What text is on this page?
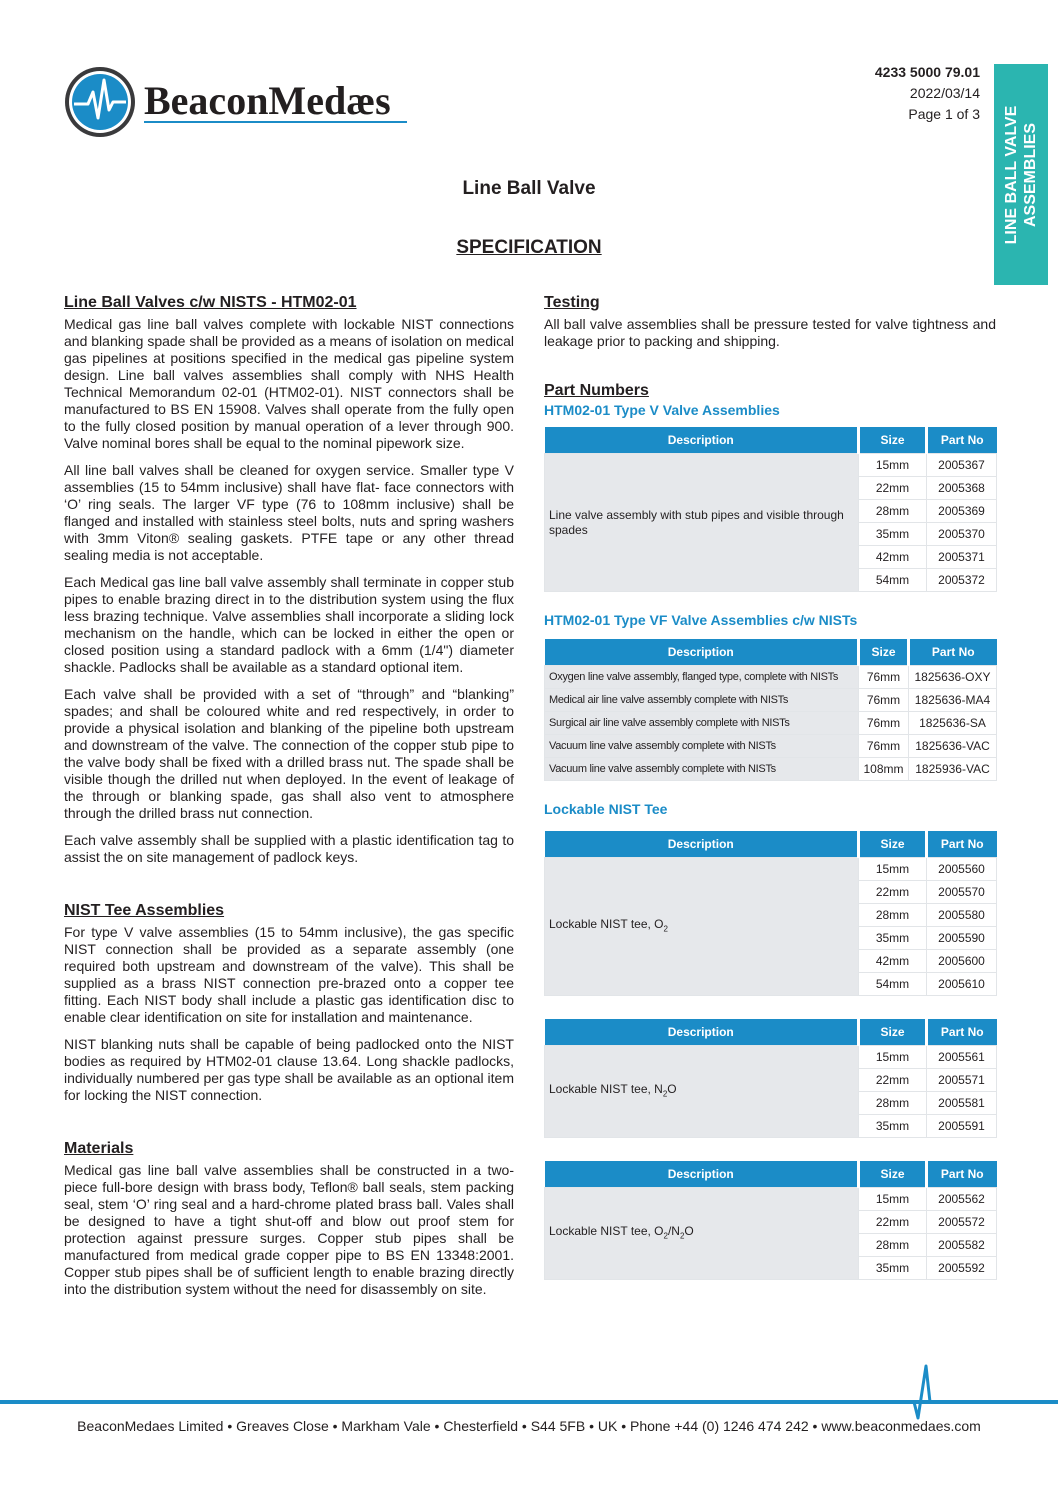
BeaconMedæs
4233 5000 79.01
2022/03/14
Page 1 of 3 LINE BALL VALVE ASSEMBLIES
Line Ball Valve
SPECIFICATION
Line Ball Valves c/w NISTS - HTM02-01

Medical gas line ball valves complete with lockable NIST connections and blanking spade shall be provided as a means of isolation on medical gas pipelines at positions specified in the medical gas pipeline system design. Line ball valves assemblies shall comply with NHS Health Technical Memorandum 02-01 (HTM02-01). NIST connectors shall be manufactured to BS EN 15908. Valves shall operate from the fully open to the fully closed position by manual operation of a lever through 900. Valve nominal bores shall be equal to the nominal pipework size.

All line ball valves shall be cleaned for oxygen service. Smaller type V assemblies (15 to 54mm inclusive) shall have flat- face connectors with ‘O’ ring seals. The larger VF type (76 to 108mm inclusive) shall be flanged and installed with stainless steel bolts, nuts and spring washers with 3mm Viton® sealing gaskets. PTFE tape or any other thread sealing media is not acceptable.

Each Medical gas line ball valve assembly shall terminate in copper stub pipes to enable brazing direct in to the distribution system using the flux less brazing technique. Valve assemblies shall incorporate a sliding lock mechanism on the handle, which can be locked in either the open or closed position using a standard padlock with a 6mm (1/4") diameter shackle. Padlocks shall be available as a standard optional item.

Each valve shall be provided with a set of “through” and “blanking” spades; and shall be coloured white and red respectively, in order to provide a physical isolation and blanking of the pipeline both upstream and downstream of the valve. The connection of the copper stub pipe to the valve body shall be fixed with a drilled brass nut. The spade shall be visible though the drilled nut when deployed. In the event of leakage of the through or blanking spade, gas shall also vent to atmosphere through the drilled brass nut connection.

Each valve assembly shall be supplied with a plastic identification tag to assist the on site management of padlock keys.

NIST Tee Assemblies

For type V valve assemblies (15 to 54mm inclusive), the gas specific NIST connection shall be provided as a separate assembly (one required both upstream and downstream of the valve). This shall be supplied as a brass NIST connection pre-brazed onto a copper tee fitting. Each NIST body shall include a plastic gas identification disc to enable clear identification on site for installation and maintenance.

NIST blanking nuts shall be capable of being padlocked onto the NIST bodies as required by HTM02-01 clause 13.64. Long shackle padlocks, individually numbered per gas type shall be available as an optional item for locking the NIST connection.

Materials

Medical gas line ball valve assemblies shall be constructed in a two-piece full-bore design with brass body, Teflon® ball seals, stem packing seal, stem ‘O’ ring seal and a hard-chrome plated brass ball. Vales shall be designed to have a tight shut-off and blow out proof stem for protection against pressure surges. Copper stub pipes shall be manufactured from medical grade copper pipe to BS EN 13348:2001. Copper stub pipes shall be of sufficient length to enable brazing directly into the distribution system without the need for disassembly on site.

Testing

All ball valve assemblies shall be pressure tested for valve tightness and leakage prior to packing and shipping.

Part Numbers
HTM02-01 Type V Valve Assemblies
Description	Size	Part No
Line valve assembly with stub pipes and visible through spades	15mm	2005367
	22mm	2005368
	28mm	2005369
	35mm	2005370
	42mm	2005371
	54mm	2005372
HTM02-01 Type VF Valve Assemblies c/w NISTs
Description	Size	Part No
Oxygen line valve assembly, flanged type, complete with NISTs	76mm	1825636-OXY
Medical air line valve assembly complete with NISTs	76mm	1825636-MA4
Surgical air line valve assembly complete with NISTs	76mm	1825636-SA
Vacuum line valve assembly complete with NISTs	76mm	1825636-VAC
Vacuum line valve assembly complete with NISTs	108mm	1825936-VAC
Lockable NIST Tee
Description	Size	Part No
Lockable NIST tee, $O_2$	15mm	2005560
	22mm	2005570
	28mm	2005580
	35mm	2005590
	42mm	2005600
	54mm	2005610
Description	Size	Part No
Lockable NIST tee, $N_2O$	15mm	2005561
	22mm	2005571
	28mm	2005581
	35mm	2005591
Description	Size	Part No
Lockable NIST tee, $O_2/N_2O$	15mm	2005562
	22mm	2005572
	28mm	2005582
	35mm	2005592
BeaconMedaes Limited • Greaves Close • Markham Vale • Chesterfield • S44 5FB • UK • Phone +44 (0) 1246 474 242 • www.beaconmedaes.com
